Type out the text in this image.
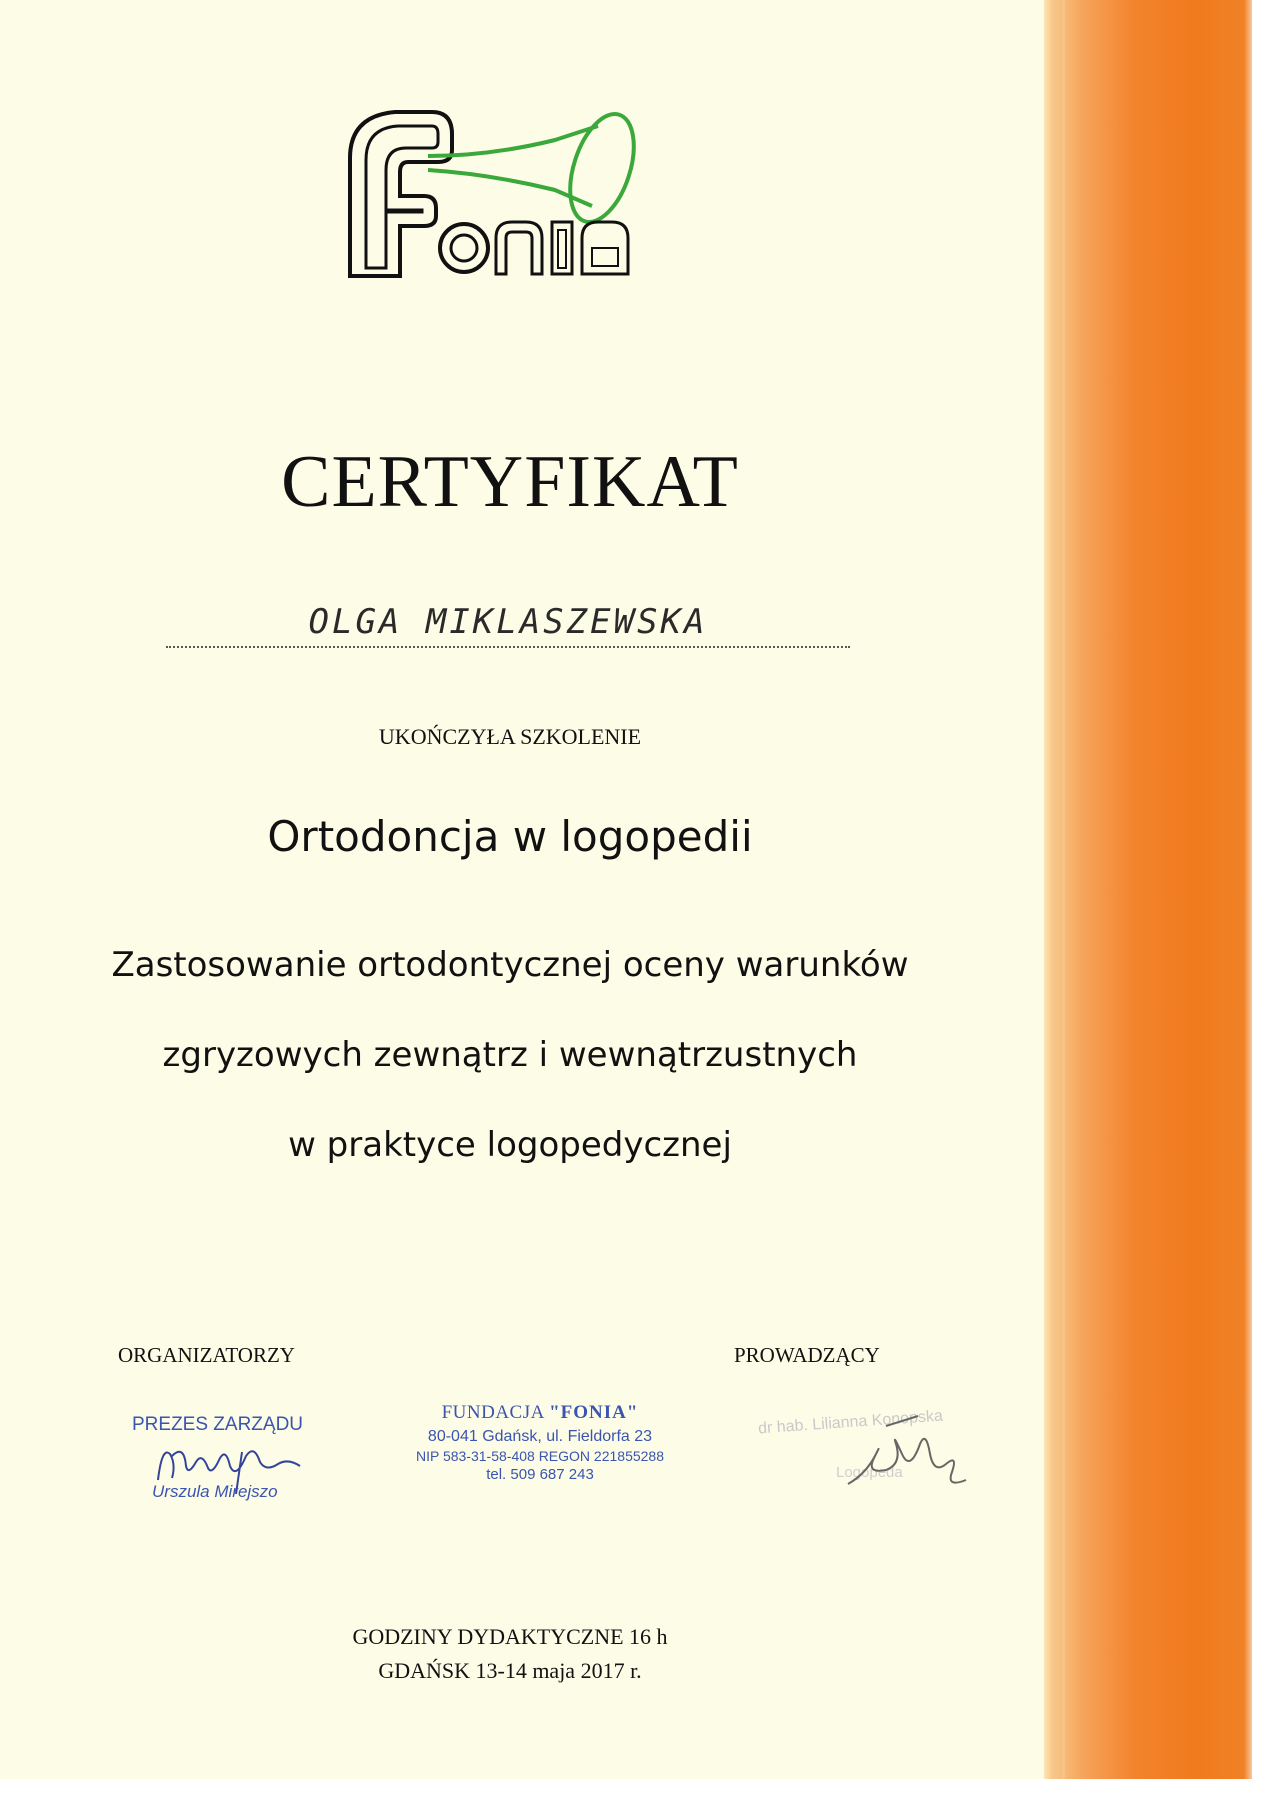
CERTYFIKAT
OLGA MIKLASZEWSKA
UKOŃCZYŁA SZKOLENIE
Ortodoncja w logopedii
Zastosowanie ortodontycznej oceny warunków
zgryzowych zewnątrz i wewnątrzustnych
w praktyce logopedycznej
ORGANIZATORZY	PROWADZĄCY
PREZES ZARZĄDU
Urszula Mirejszo
FUNDACJA "FONIA"
80-041 Gdańsk, ul. Fieldorfa 23
NIP 583-31-58-408 REGON 221855288
tel. 509 687 243
dr hab. Lilianna Konopska
Logopeda
GODZINY DYDAKTYCZNE 16 h
GDAŃSK 13-14 maja 2017 r.
